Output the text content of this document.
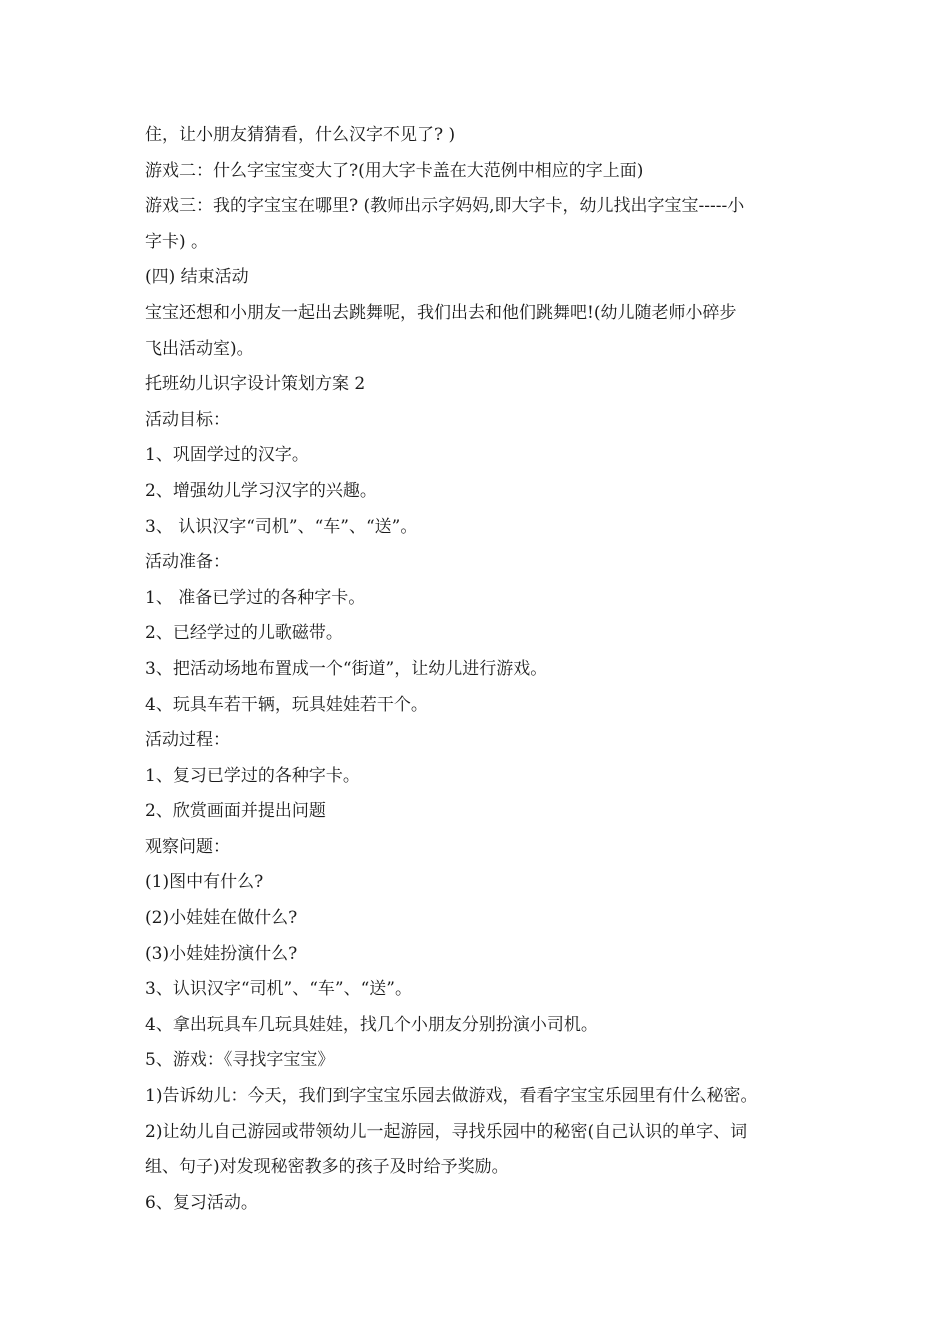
住，让小朋友猜猜看，什么汉字不见了? )
游戏二：什么字宝宝变大了?(用大字卡盖在大范例中相应的字上面)
游戏三：我的字宝宝在哪里? (教师出示字妈妈,即大字卡，幼儿找出字宝宝-----小
字卡) 。
(四) 结束活动
宝宝还想和小朋友一起出去跳舞呢，我们出去和他们跳舞吧!(幼儿随老师小碎步
飞出活动室)。
托班幼儿识字设计策划方案 2
活动目标：
1、巩固学过的汉字。
2、增强幼儿学习汉字的兴趣。
3、 认识汉字“司机”、“车”、“送”。
活动准备：
1、 准备已学过的各种字卡。
2、已经学过的儿歌磁带。
3、把活动场地布置成一个“街道”，让幼儿进行游戏。
4、玩具车若干辆，玩具娃娃若干个。
活动过程：
1、复习已学过的各种字卡。
2、欣赏画面并提出问题
观察问题：
(1)图中有什么?
(2)小娃娃在做什么?
(3)小娃娃扮演什么?
3、认识汉字“司机”、“车”、“送”。
4、拿出玩具车几玩具娃娃，找几个小朋友分别扮演小司机。
5、游戏：《寻找字宝宝》
1)告诉幼儿：今天，我们到字宝宝乐园去做游戏，看看字宝宝乐园里有什么秘密。
2)让幼儿自己游园或带领幼儿一起游园，寻找乐园中的秘密(自己认识的单字、词
组、句子)对发现秘密教多的孩子及时给予奖励。
6、复习活动。
